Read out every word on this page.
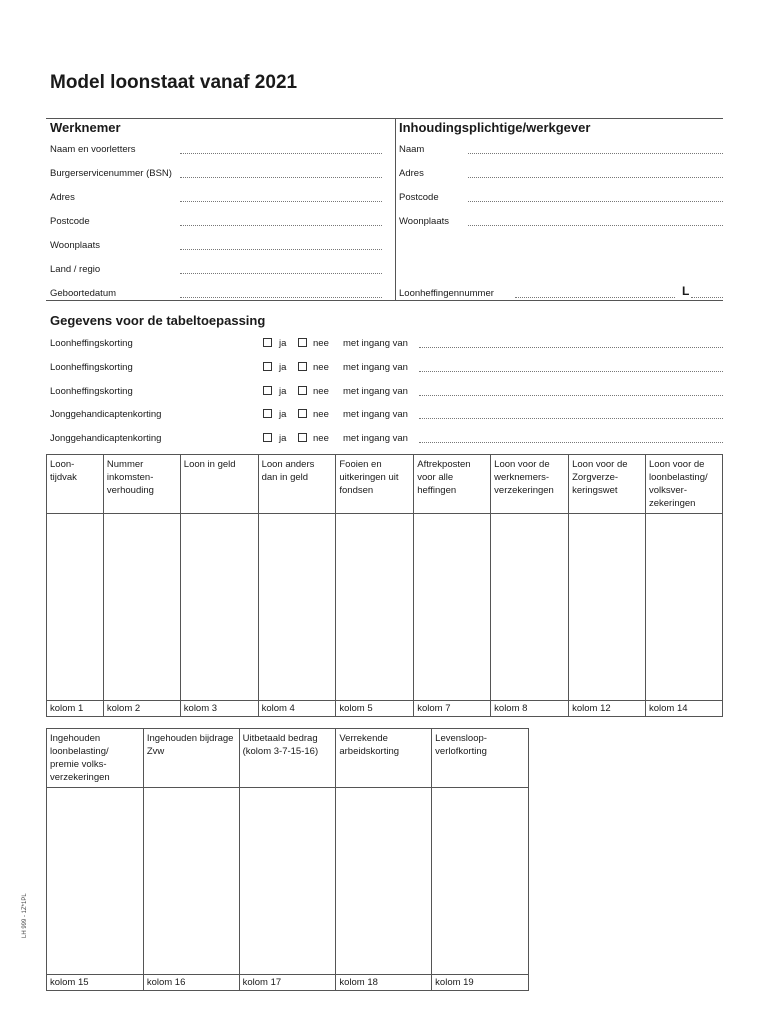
Model loonstaat vanaf 2021
Werknemer
Naam en voorletters
Burgerservicenummer (BSN)
Adres
Postcode
Woonplaats
Land / regio
Geboortedatum
Inhoudingsplichtige/werkgever
Naam
Adres
Postcode
Woonplaats
Loonheffingennummer	L
Gegevens voor de tabeltoepassing
Loonheffingskorting	ja	nee met ingang van
Loonheffingskorting	ja	nee met ingang van
Loonheffingskorting	ja	nee met ingang van
Jonggehandicaptenkorting	ja	nee met ingang van
Jonggehandicaptenkorting	ja	nee met ingang van
Loon- tijdvak	Nummer inkomsten- verhouding	Loon in geld	Loon anders dan in geld	Fooien en uitkeringen uit fondsen	Aftrekposten voor alle heffingen	Loon voor de werknemers- verzekeringen	Loon voor de Zorgverze- keringswet	Loon voor de loonbelasting/ volksver- zekeringen

kolom 1	kolom 2	kolom 3	kolom 4	kolom 5	kolom 7	kolom 8	kolom 12	kolom 14
Ingehouden loonbelasting/ premie volks- verzekeringen	Ingehouden bijdrage Zvw	Uitbetaald bedrag (kolom 3-7-15-16)	Verrekende arbeidskorting	Levensloop- verlofkorting

kolom 15	kolom 16	kolom 17	kolom 18	kolom 19
LH 999 - 1Z*1PL
